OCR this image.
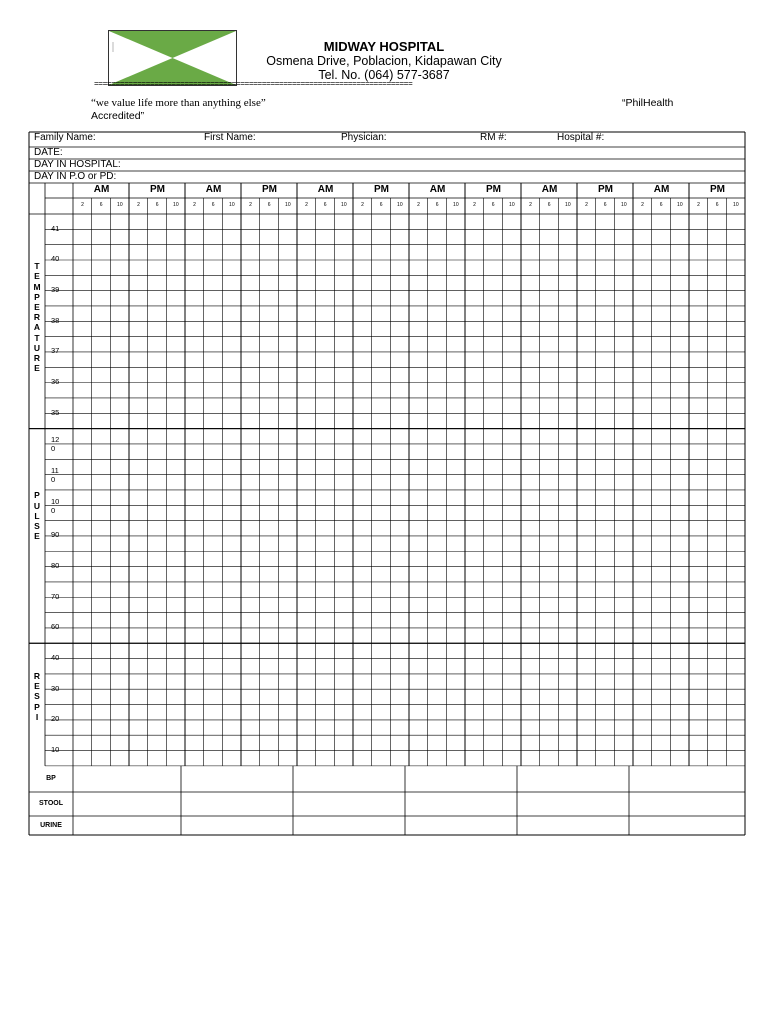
MIDWAY HOSPITAL
Osmena Drive, Poblacion, Kidapawan City
Tel. No. (064) 577-3687
==========================================================================
“we value life more than anything else”	“PhilHealth
Accredited”
Family Name:	First Name:	Physician:	RM #:	Hospital #:
DATE:
DAY IN HOSPITAL:
DAY IN P.O or PD:
AM	PM	AM	PM	AM	PM	AM	PM	AM	PM	AM	PM
2	6	10	2	6	10	2	6	10	2	6	10	2	6	10	2	6	10	2	6	10	2	6	10	2	6	10	2	6	10	2	6	10	2	6	10
41
40
39
38
37
36
35
T
E
M
P
E
R
A
T
U
R
E
12
0
11
0
10
0
90
80
70
60
P
U
L
S
E
40
30
20
10
R
E
S
P
I
BP
STOOL
URINE
